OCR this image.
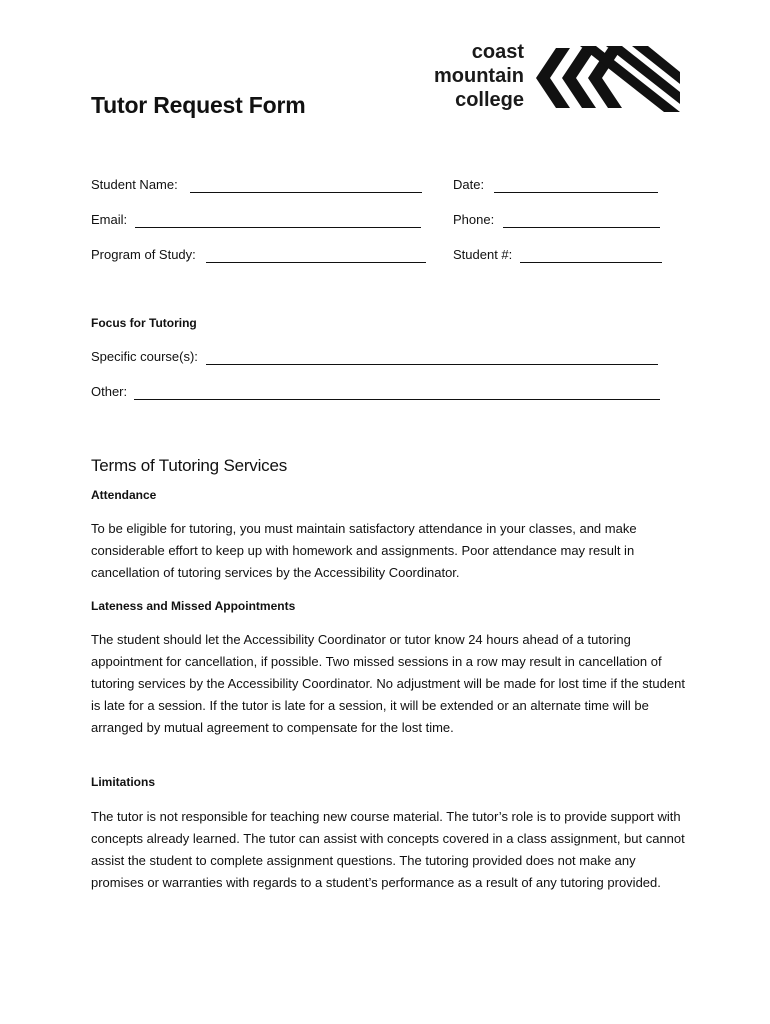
Tutor Request Form
coast
mountain
college
Student Name:	Date:
Email:	Phone:
Program of Study:	Student #:
Focus for Tutoring
Specific course(s):
Other:
Terms of Tutoring Services
Attendance
To be eligible for tutoring, you must maintain satisfactory attendance in your classes, and make considerable effort to keep up with homework and assignments. Poor attendance may result in cancellation of tutoring services by the Accessibility Coordinator.
Lateness and Missed Appointments
The student should let the Accessibility Coordinator or tutor know 24 hours ahead of a tutoring appointment for cancellation, if possible. Two missed sessions in a row may result in cancellation of tutoring services by the Accessibility Coordinator. No adjustment will be made for lost time if the student is late for a session. If the tutor is late for a session, it will be extended or an alternate time will be arranged by mutual agreement to compensate for the lost time.
Limitations
The tutor is not responsible for teaching new course material. The tutor’s role is to provide support with concepts already learned. The tutor can assist with concepts covered in a class assignment, but cannot assist the student to complete assignment questions. The tutoring provided does not make any promises or warranties with regards to a student’s performance as a result of any tutoring provided.
